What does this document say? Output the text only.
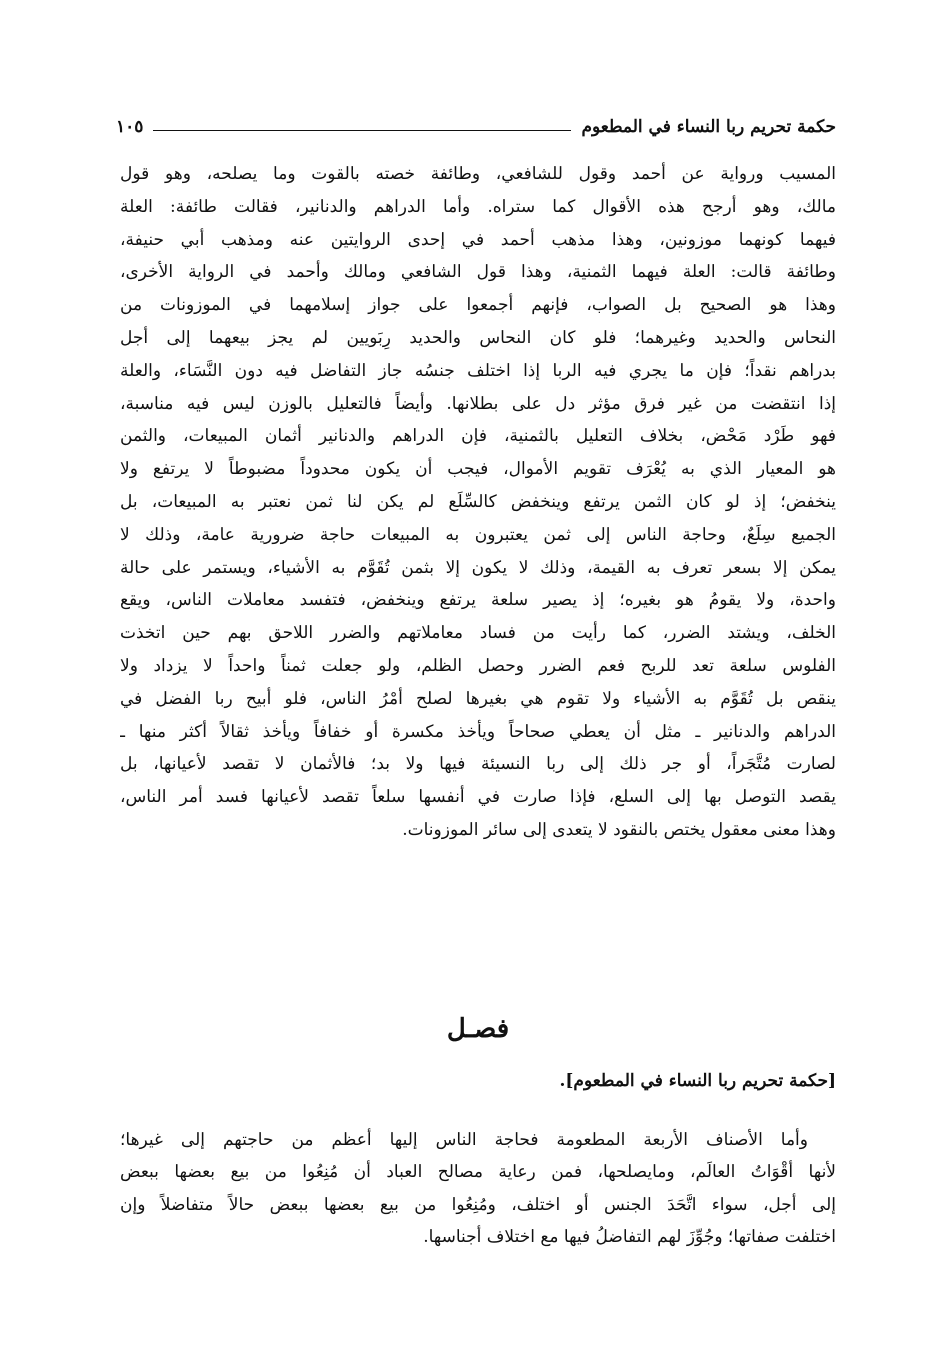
حكمة تحريم ربا النساء في المطعوم
١٠٥
المسيب ورواية عن أحمد وقول للشافعي، وطائفة خصته بالقوت وما يصلحه، وهو قول
مالك، وهو أرجح هذه الأقوال كما ستراه. وأما الدراهم والدنانير، فقالت طائفة: العلة
فيهما كونهما موزونين، وهذا مذهب أحمد في إحدى الروايتين عنه ومذهب أبي حنيفة،
وطائفة قالت: العلة فيهما الثمنية، وهذا قول الشافعي ومالك وأحمد في الرواية الأخرى،
وهذا هو الصحيح بل الصواب، فإنهم أجمعوا على جواز إسلامهما في الموزونات من
النحاس والحديد وغيرهما؛ فلو كان النحاس والحديد رِبَويين لم يجز بيعهما إلى أجل
بدراهم نقداً؛ فإن ما يجري فيه الربا إذا اختلف جنسُه جاز التفاضل فيه دون النَّسَاء، والعلة
إذا انتقضت من غير فرق مؤثر دل على بطلانها. وأيضاً فالتعليل بالوزن ليس فيه مناسبة،
فهو طَرْد مَحْض، بخلاف التعليل بالثمنية، فإن الدراهم والدنانير أثمان المبيعات، والثمن
هو المعيار الذي به يُعْرَف تقويم الأموال، فيجب أن يكون محدوداً مضبوطاً لا يرتفع ولا
ينخفض؛ إذ لو كان الثمن يرتفع وينخفض كالسِّلَع لم يكن لنا ثمن نعتبر به المبيعات، بل
الجميع سِلَعٌ، وحاجة الناس إلى ثمن يعتبرون به المبيعات حاجة ضرورية عامة، وذلك لا
يمكن إلا بسعر تعرف به القيمة، وذلك لا يكون إلا بثمن تُقَوَّم به الأشياء، ويستمر على حالة
واحدة، ولا يقومُ هو بغيره؛ إذ يصير سلعة يرتفع وينخفض، فتفسد معاملات الناس، ويقع
الخلف، ويشتد الضرر، كما رأيت من فساد معاملاتهم والضرر اللاحق بهم حين اتخذت
الفلوس سلعة تعد للربح فعم الضرر وحصل الظلم، ولو جعلت ثمناً واحداً لا يزداد ولا
ينقص بل تُقَوَّم به الأشياء ولا تقوم هي بغيرها لصلح أمْرُ الناس، فلو أبيح ربا الفضل في
الدراهم والدنانير ـ مثل أن يعطي صحاحاً ويأخذ مكسرة أو خفافاً ويأخذ ثقالاً أكثر منها ـ
لصارت مُتَّجَراً، أو جر ذلك إلى ربا النسيئة فيها ولا بد؛ فالأثمان لا تقصد لأعيانها، بل
يقصد التوصل بها إلى السلع، فإذا صارت في أنفسها سلعاً تقصد لأعيانها فسد أمر الناس،
وهذا معنى معقول يختص بالنقود لا يتعدى إلى سائر الموزونات.
فصـل
[حكمة تحريم ربا النساء في المطعوم].
وأما الأصناف الأربعة المطعومة فحاجة الناس إليها أعظم من حاجتهم إلى غيرها؛
لأنها أقْوَاتُ العالَم، ومايصلحها، فمن رعاية مصالح العباد أن مُنِعُوا من بيع بعضها ببعض
إلى أجل، سواء اتَّحَدَ الجنس أو اختلف، ومُنِعُوا من بيع بعضها ببعض حالاً متفاضلاً وإن
اختلفت صفاتها؛ وجُوِّزَ لهم التفاضلُ فيها مع اختلاف أجناسها.
